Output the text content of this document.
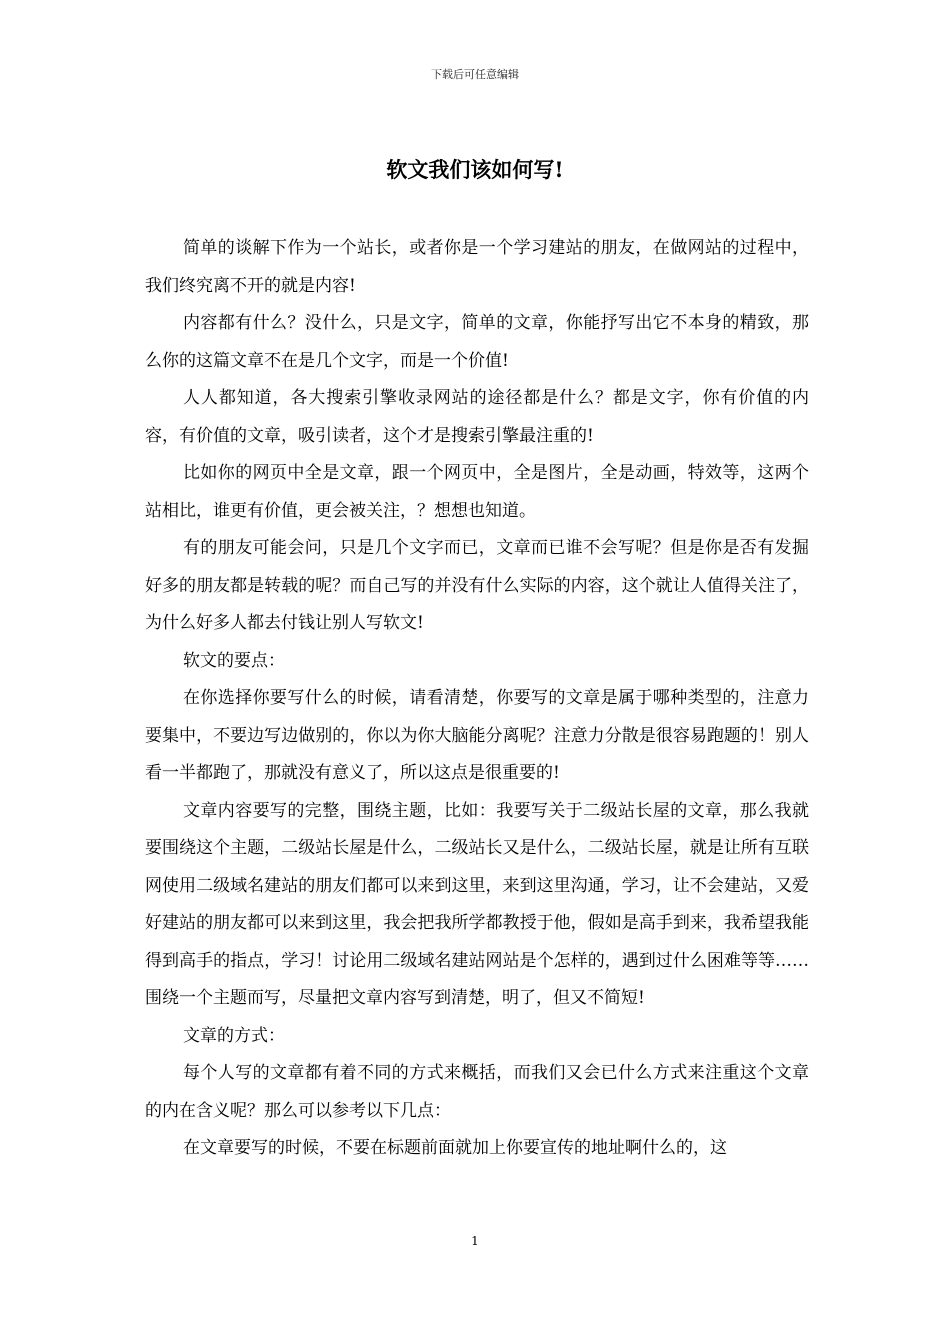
下载后可任意编辑
软文我们该如何写!

简单的谈解下作为一个站长，或者你是一个学习建站的朋友，在做网站的过程中，我们终究离不开的就是内容!

内容都有什么？没什么，只是文字，简单的文章，你能抒写出它不本身的精致，那么你的这篇文章不在是几个文字，而是一个价值!

人人都知道，各大搜索引擎收录网站的途径都是什么？都是文字，你有价值的内容，有价值的文章，吸引读者，这个才是搜索引擎最注重的!

比如你的网页中全是文章，跟一个网页中，全是图片，全是动画，特效等，这两个站相比，谁更有价值，更会被关注，？想想也知道。

有的朋友可能会问，只是几个文字而已，文章而已谁不会写呢？但是你是否有发掘好多的朋友都是转载的呢？而自己写的并没有什么实际的内容，这个就让人值得关注了，为什么好多人都去付钱让别人写软文!

软文的要点：

在你选择你要写什么的时候，请看清楚，你要写的文章是属于哪种类型的，注意力要集中，不要边写边做别的，你以为你大脑能分离呢？注意力分散是很容易跑题的！别人看一半都跑了，那就没有意义了，所以这点是很重要的!

文章内容要写的完整，围绕主题，比如：我要写关于二级站长屋的文章，那么我就要围绕这个主题，二级站长屋是什么，二级站长又是什么，二级站长屋，就是让所有互联网使用二级域名建站的朋友们都可以来到这里，来到这里沟通，学习，让不会建站，又爱好建站的朋友都可以来到这里，我会把我所学都教授于他，假如是高手到来，我希望我能得到高手的指点，学习！讨论用二级域名建站网站是个怎样的，遇到过什么困难等等……围绕一个主题而写，尽量把文章内容写到清楚，明了，但又不简短!

文章的方式：

每个人写的文章都有着不同的方式来概括，而我们又会已什么方式来注重这个文章的内在含义呢？那么可以参考以下几点：

在文章要写的时候，不要在标题前面就加上你要宣传的地址啊什么的，这

1
